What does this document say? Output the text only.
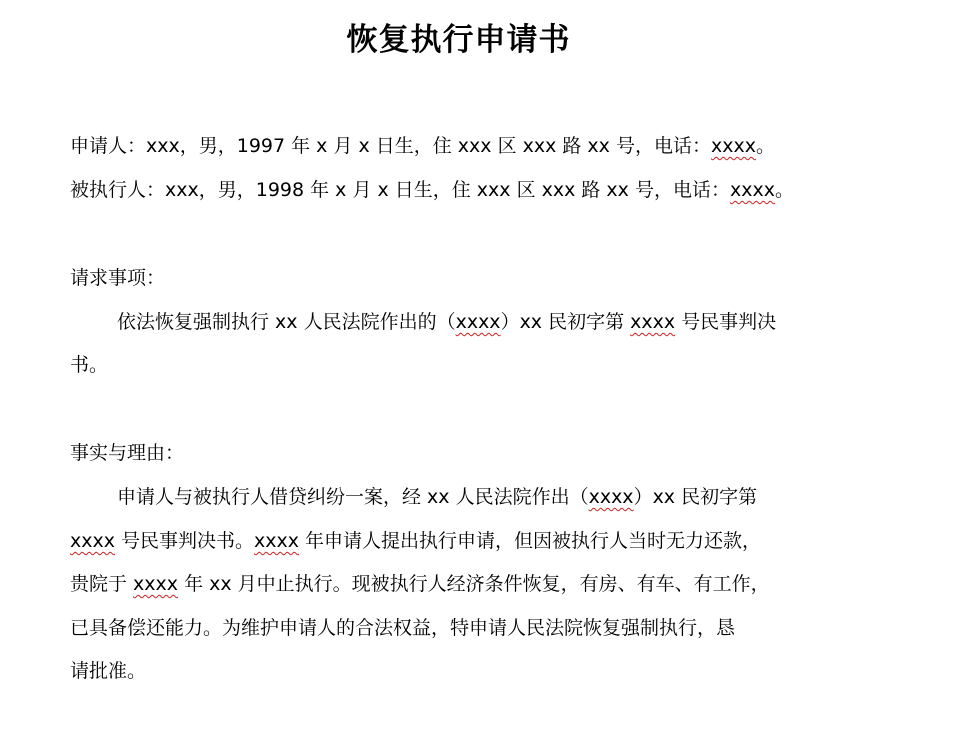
恢复执行申请书
申请人：xxx，男，1997 年 x 月 x 日生，住 xxx 区 xxx 路 xx 号，电话：xxxx。
被执行人：xxx，男，1998 年 x 月 x 日生，住 xxx 区 xxx 路 xx 号，电话：xxxx。
请求事项：
依法恢复强制执行 xx 人民法院作出的（xxxx）xx 民初字第 xxxx 号民事判决
书。
事实与理由：
申请人与被执行人借贷纠纷一案，经 xx 人民法院作出（xxxx）xx 民初字第
xxxx 号民事判决书。xxxx 年申请人提出执行申请，但因被执行人当时无力还款，
贵院于 xxxx 年 xx 月中止执行。现被执行人经济条件恢复，有房、有车、有工作，
已具备偿还能力。为维护申请人的合法权益，特申请人民法院恢复强制执行，恳
请批准。
